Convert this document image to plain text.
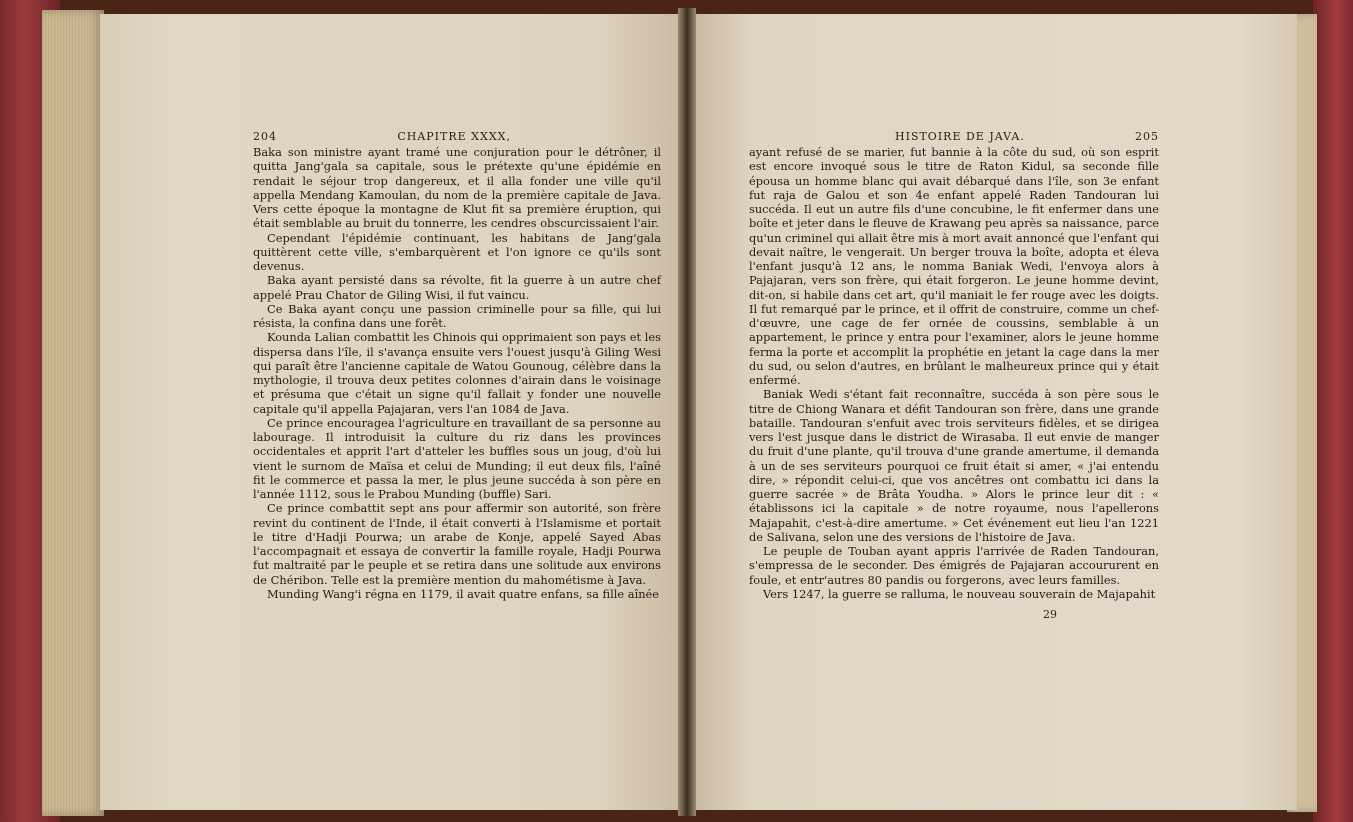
204	CHAPITRE XXXX,	HISTOIRE DE JAVA.	205

Baka son ministre ayant tramé une conjuration pour le détrôner, il quitta Jang'gala sa capitale, sous le prétexte qu'une épidémie en rendait le séjour trop dangereux, et il alla fonder une ville qu'il appella Mendang Kamoulan, du nom de la première capitale de Java. Vers cette époque la montagne de Klut fit sa première éruption, qui était semblable au bruit du tonnerre, les cendres obscurcissaient l'air.

Cependant l'épidémie continuant, les habitans de Jang'gala quittèrent cette ville, s'embarquèrent et l'on ignore ce qu'ils sont devenus.

Baka ayant persisté dans sa révolte, fit la guerre à un autre chef appelé Prau Chator de Giling Wisi, il fut vaincu.

Ce Baka ayant conçu une passion criminelle pour sa fille, qui lui résista, la confina dans une forêt.

Kounda Lalian combattit les Chinois qui opprimaient son pays et les dispersa dans l'île, il s'avança ensuite vers l'ouest jusqu'à Giling Wesi qui paraît être l'ancienne capitale de Watou Gounoug, célèbre dans la mythologie, il trouva deux petites colonnes d'airain dans le voisinage et présuma que c'était un signe qu'il fallait y fonder une nouvelle capitale qu'il appella Pajajaran, vers l'an 1084 de Java.

Ce prince encouragea l'agriculture en travaillant de sa personne au labourage. Il introduisit la culture du riz dans les provinces occidentales et apprit l'art d'atteler les buffles sous un joug, d'où lui vient le surnom de Maïsa et celui de Munding; il eut deux fils, l'aîné fit le commerce et passa la mer, le plus jeune succéda à son père en l'année 1112, sous le Prabou Munding (buffle) Sari.

Ce prince combattit sept ans pour affermir son autorité, son frère revint du continent de l'Inde, il était converti à l'Islamisme et portait le titre d'Hadji Pourwa; un arabe de Konje, appelé Sayed Abas l'accompagnait et essaya de convertir la famille royale, Hadji Pourwa fut maltraité par le peuple et se retira dans une solitude aux environs de Chéribon. Telle est la première mention du mahométisme à Java.

Munding Wang'i régna en 1179, il avait quatre enfans, sa fille aînée

ayant refusé de se marier, fut bannie à la côte du sud, où son esprit est encore invoqué sous le titre de Raton Kidul, sa seconde fille épousa un homme blanc qui avait débarqué dans l'île, son 3e enfant fut raja de Galou et son 4e enfant appelé Raden Tandouran lui succéda. Il eut un autre fils d'une concubine, le fit enfermer dans une boîte et jeter dans le fleuve de Krawang peu après sa naissance, parce qu'un criminel qui allait être mis à mort avait annoncé que l'enfant qui devait naître, le vengerait. Un berger trouva la boîte, adopta et éleva l'enfant jusqu'à 12 ans, le nomma Baniak Wedi, l'envoya alors à Pajajaran, vers son frère, qui était forgeron. Le jeune homme devint, dit-on, si habile dans cet art, qu'il maniait le fer rouge avec les doigts. Il fut remarqué par le prince, et il offrit de construire, comme un chef-d'œuvre, une cage de fer ornée de coussins, semblable à un appartement, le prince y entra pour l'examiner, alors le jeune homme ferma la porte et accomplit la prophétie en jetant la cage dans la mer du sud, ou selon d'autres, en brûlant le malheureux prince qui y était enfermé.

Baniak Wedi s'étant fait reconnaître, succéda à son père sous le titre de Chiong Wanara et défit Tandouran son frère, dans une grande bataille. Tandouran s'enfuit avec trois serviteurs fidèles, et se dirigea vers l'est jusque dans le district de Wirasaba. Il eut envie de manger du fruit d'une plante, qu'il trouva d'une grande amertume, il demanda à un de ses serviteurs pourquoi ce fruit était si amer, « j'ai entendu dire, » répondit celui-ci, que vos ancêtres ont combattu ici dans la guerre sacrée » de Brâta Youdha. » Alors le prince leur dit : « établissons ici la capitale » de notre royaume, nous l'apellerons Majapahit, c'est-à-dire amertume. » Cet événement eut lieu l'an 1221 de Salivana, selon une des versions de l'histoire de Java.

Le peuple de Touban ayant appris l'arrivée de Raden Tandouran, s'empressa de le seconder. Des émigrés de Pajajaran accoururent en foule, et entr'autres 80 pandis ou forgerons, avec leurs familles.

Vers 1247, la guerre se ralluma, le nouveau souverain de Majapahit

29
